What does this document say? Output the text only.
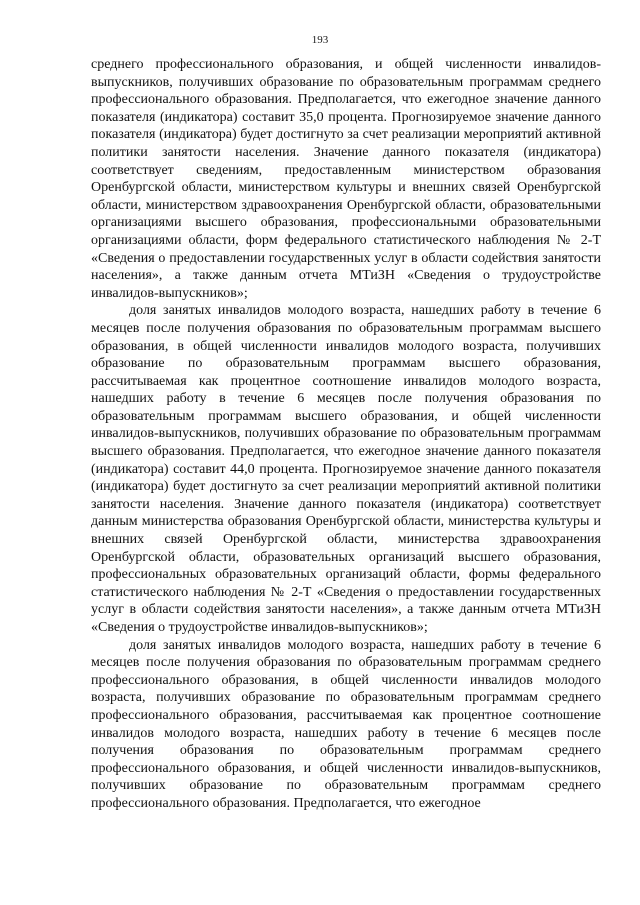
193

среднего профессионального образования, и общей численности инвалидов-выпускников, получивших образование по образовательным программам среднего профессионального образования. Предполагается, что ежегодное значение данного показателя (индикатора) составит 35,0 процента. Прогнозируемое значение данного показателя (индикатора) будет достигнуто за счет реализации мероприятий активной политики занятости населения. Значение данного показателя (индикатора) соответствует сведениям, предоставленным министерством образования Оренбургской области, министерством культуры и внешних связей Оренбургской области, министерством здравоохранения Оренбургской области, образовательными организациями высшего образования, профессиональными образовательными организациями области, форм федерального статистического наблюдения № 2-Т «Сведения о предоставлении государственных услуг в области содействия занятости населения», а также данным отчета МТиЗН «Сведения о трудоустройстве инвалидов-выпускников»;

доля занятых инвалидов молодого возраста, нашедших работу в течение 6 месяцев после получения образования по образовательным программам высшего образования, в общей численности инвалидов молодого возраста, получивших образование по образовательным программам высшего образования, рассчитываемая как процентное соотношение инвалидов молодого возраста, нашедших работу в течение 6 месяцев после получения образования по образовательным программам высшего образования, и общей численности инвалидов-выпускников, получивших образование по образовательным программам высшего образования. Предполагается, что ежегодное значение данного показателя (индикатора) составит 44,0 процента. Прогнозируемое значение данного показателя (индикатора) будет достигнуто за счет реализации мероприятий активной политики занятости населения. Значение данного показателя (индикатора) соответствует данным министерства образования Оренбургской области, министерства культуры и внешних связей Оренбургской области, министерства здравоохранения Оренбургской области, образовательных организаций высшего образования, профессиональных образовательных организаций области, формы федерального статистического наблюдения № 2-Т «Сведения о предоставлении государственных услуг в области содействия занятости населения», а также данным отчета МТиЗН «Сведения о трудоустройстве инвалидов-выпускников»;

доля занятых инвалидов молодого возраста, нашедших работу в течение 6 месяцев после получения образования по образовательным программам среднего профессионального образования, в общей численности инвалидов молодого возраста, получивших образование по образовательным программам среднего профессионального образования, рассчитываемая как процентное соотношение инвалидов молодого возраста, нашедших работу в течение 6 месяцев после получения образования по образовательным программам среднего профессионального образования, и общей численности инвалидов-выпускников, получивших образование по образовательным программам среднего профессионального образования. Предполагается, что ежегодное
